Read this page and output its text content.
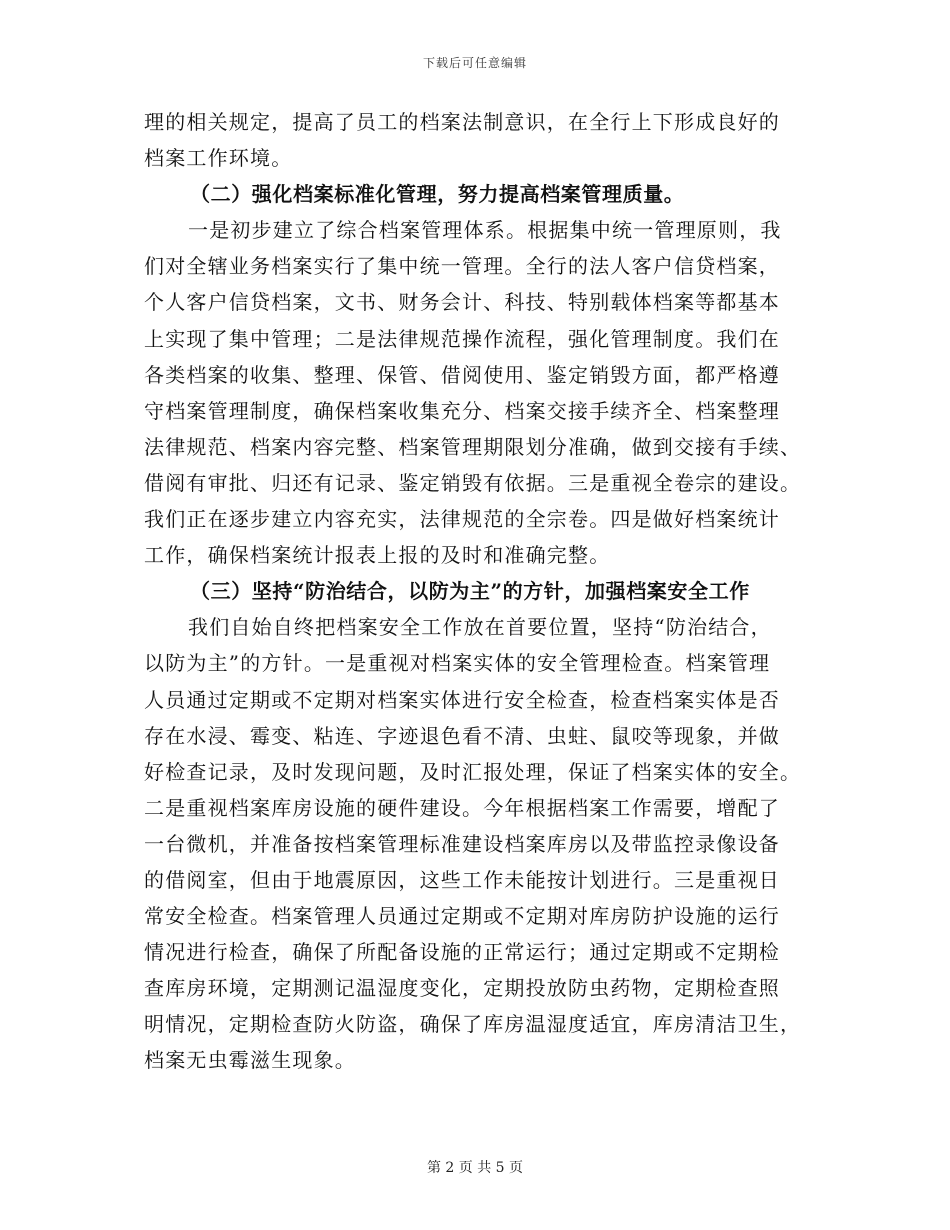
下载后可任意编辑
理的相关规定，提高了员工的档案法制意识，在全行上下形成良好的
档案工作环境。
（二）强化档案标准化管理，努力提高档案管理质量。
一是初步建立了综合档案管理体系。根据集中统一管理原则，我
们对全辖业务档案实行了集中统一管理。全行的法人客户信贷档案，
个人客户信贷档案，文书、财务会计、科技、特别载体档案等都基本
上实现了集中管理；二是法律规范操作流程，强化管理制度。我们在
各类档案的收集、整理、保管、借阅使用、鉴定销毁方面，都严格遵
守档案管理制度，确保档案收集充分、档案交接手续齐全、档案整理
法律规范、档案内容完整、档案管理期限划分准确，做到交接有手续、
借阅有审批、归还有记录、鉴定销毁有依据。三是重视全卷宗的建设。
我们正在逐步建立内容充实，法律规范的全宗卷。四是做好档案统计
工作，确保档案统计报表上报的及时和准确完整。
（三）坚持“防治结合，以防为主”的方针，加强档案安全工作
我们自始自终把档案安全工作放在首要位置，坚持“防治结合，
以防为主”的方针。一是重视对档案实体的安全管理检查。档案管理
人员通过定期或不定期对档案实体进行安全检查，检查档案实体是否
存在水浸、霉变、粘连、字迹退色看不清、虫蛀、鼠咬等现象，并做
好检查记录，及时发现问题，及时汇报处理，保证了档案实体的安全。
二是重视档案库房设施的硬件建设。今年根据档案工作需要，增配了
一台微机，并准备按档案管理标准建设档案库房以及带监控录像设备
的借阅室，但由于地震原因，这些工作未能按计划进行。三是重视日
常安全检查。档案管理人员通过定期或不定期对库房防护设施的运行
情况进行检查，确保了所配备设施的正常运行；通过定期或不定期检
查库房环境，定期测记温湿度变化，定期投放防虫药物，定期检查照
明情况，定期检查防火防盗，确保了库房温湿度适宜，库房清洁卫生，
档案无虫霉滋生现象。
第 2 页 共 5 页
